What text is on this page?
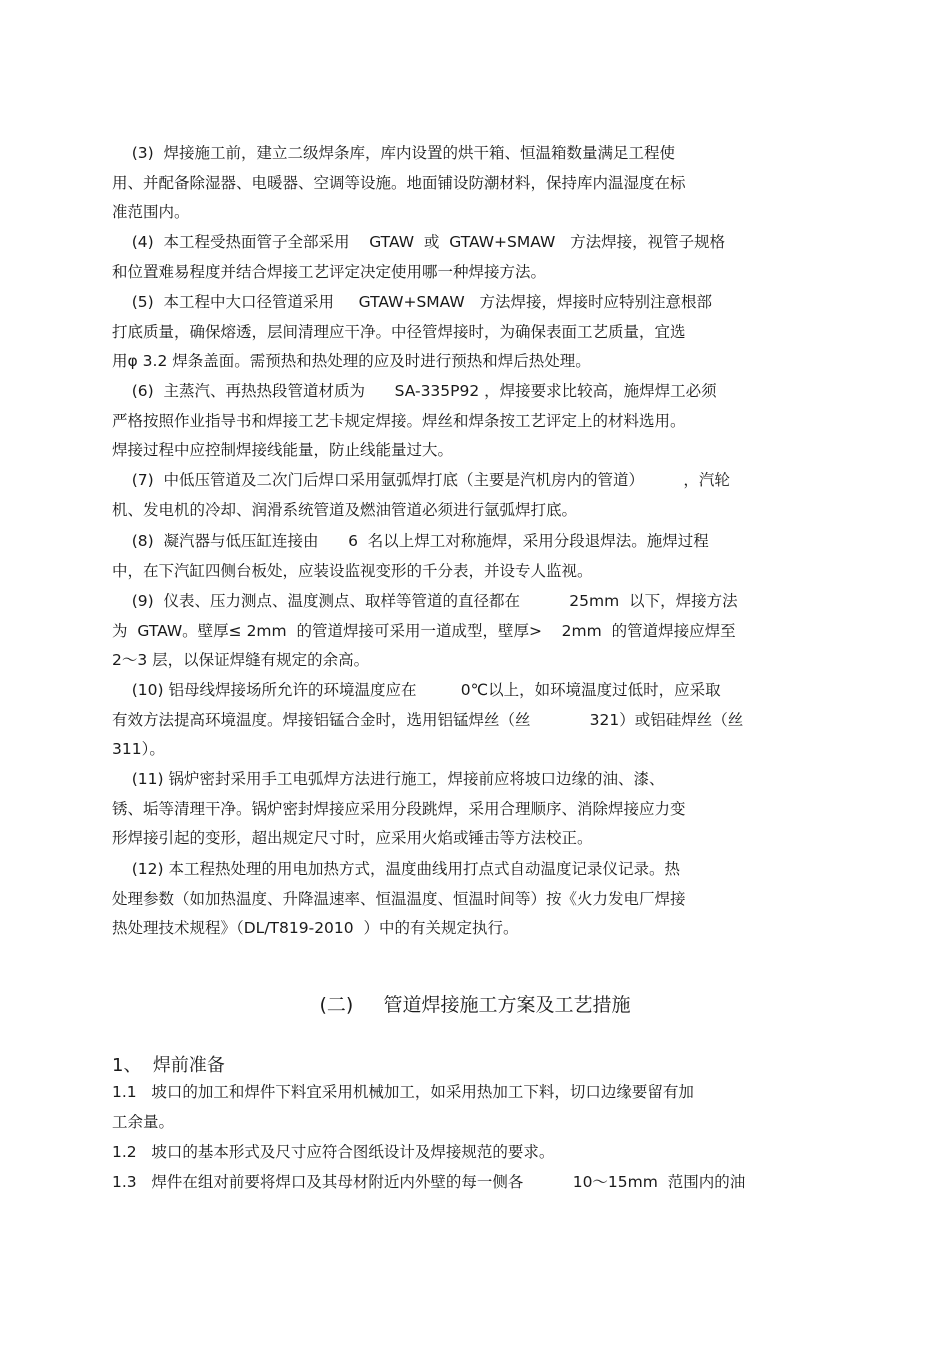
(3)  焊接施工前，建立二级焊条库，库内设置的烘干箱、恒温箱数量满足工程使
用、并配备除湿器、电暖器、空调等设施。地面铺设防潮材料，保持库内温湿度在标
准范围内。
(4)  本工程受热面管子全部采用    GTAW  或  GTAW+SMAW   方法焊接，视管子规格
和位置难易程度并结合焊接工艺评定决定使用哪一种焊接方法。
(5)  本工程中大口径管道采用     GTAW+SMAW   方法焊接，焊接时应特别注意根部
打底质量，确保熔透，层间清理应干净。中径管焊接时，为确保表面工艺质量，宜选
用φ 3.2 焊条盖面。需预热和热处理的应及时进行预热和焊后热处理。
(6)  主蒸汽、再热热段管道材质为      SA-335P92 ，焊接要求比较高，施焊焊工必须
严格按照作业指导书和焊接工艺卡规定焊接。焊丝和焊条按工艺评定上的材料选用。
焊接过程中应控制焊接线能量，防止线能量过大。
(7)  中低压管道及二次门后焊口采用氩弧焊打底（主要是汽机房内的管道）        ，汽轮
机、发电机的冷却、润滑系统管道及燃油管道必须进行氩弧焊打底。
(8)  凝汽器与低压缸连接由      6  名以上焊工对称施焊，采用分段退焊法。施焊过程
中，在下汽缸四侧台板处，应装设监视变形的千分表，并设专人监视。
(9)  仪表、压力测点、温度测点、取样等管道的直径都在          25mm  以下，焊接方法
为  GTAW。壁厚≤ 2mm  的管道焊接可采用一道成型，壁厚>    2mm  的管道焊接应焊至
2～3 层，以保证焊缝有规定的余高。
(10) 铝母线焊接场所允许的环境温度应在         0℃以上，如环境温度过低时，应采取
有效方法提高环境温度。焊接铝锰合金时，选用铝锰焊丝（丝            321）或铝硅焊丝（丝
311）。
(11) 锅炉密封采用手工电弧焊方法进行施工，焊接前应将坡口边缘的油、漆、
锈、垢等清理干净。锅炉密封焊接应采用分段跳焊，采用合理顺序、消除焊接应力变
形焊接引起的变形，超出规定尺寸时，应采用火焰或锤击等方法校正。
(12) 本工程热处理的用电加热方式，温度曲线用打点式自动温度记录仪记录。热
处理参数（如加热温度、升降温速率、恒温温度、恒温时间等）按《火力发电厂焊接
热处理技术规程》（DL/T819-2010  ）中的有关规定执行。
(二)     管道焊接施工方案及工艺措施
1、  焊前准备
1.1   坡口的加工和焊件下料宜采用机械加工，如采用热加工下料，切口边缘要留有加
工余量。
1.2   坡口的基本形式及尺寸应符合图纸设计及焊接规范的要求。
1.3   焊件在组对前要将焊口及其母材附近内外壁的每一侧各          10～15mm  范围内的油
